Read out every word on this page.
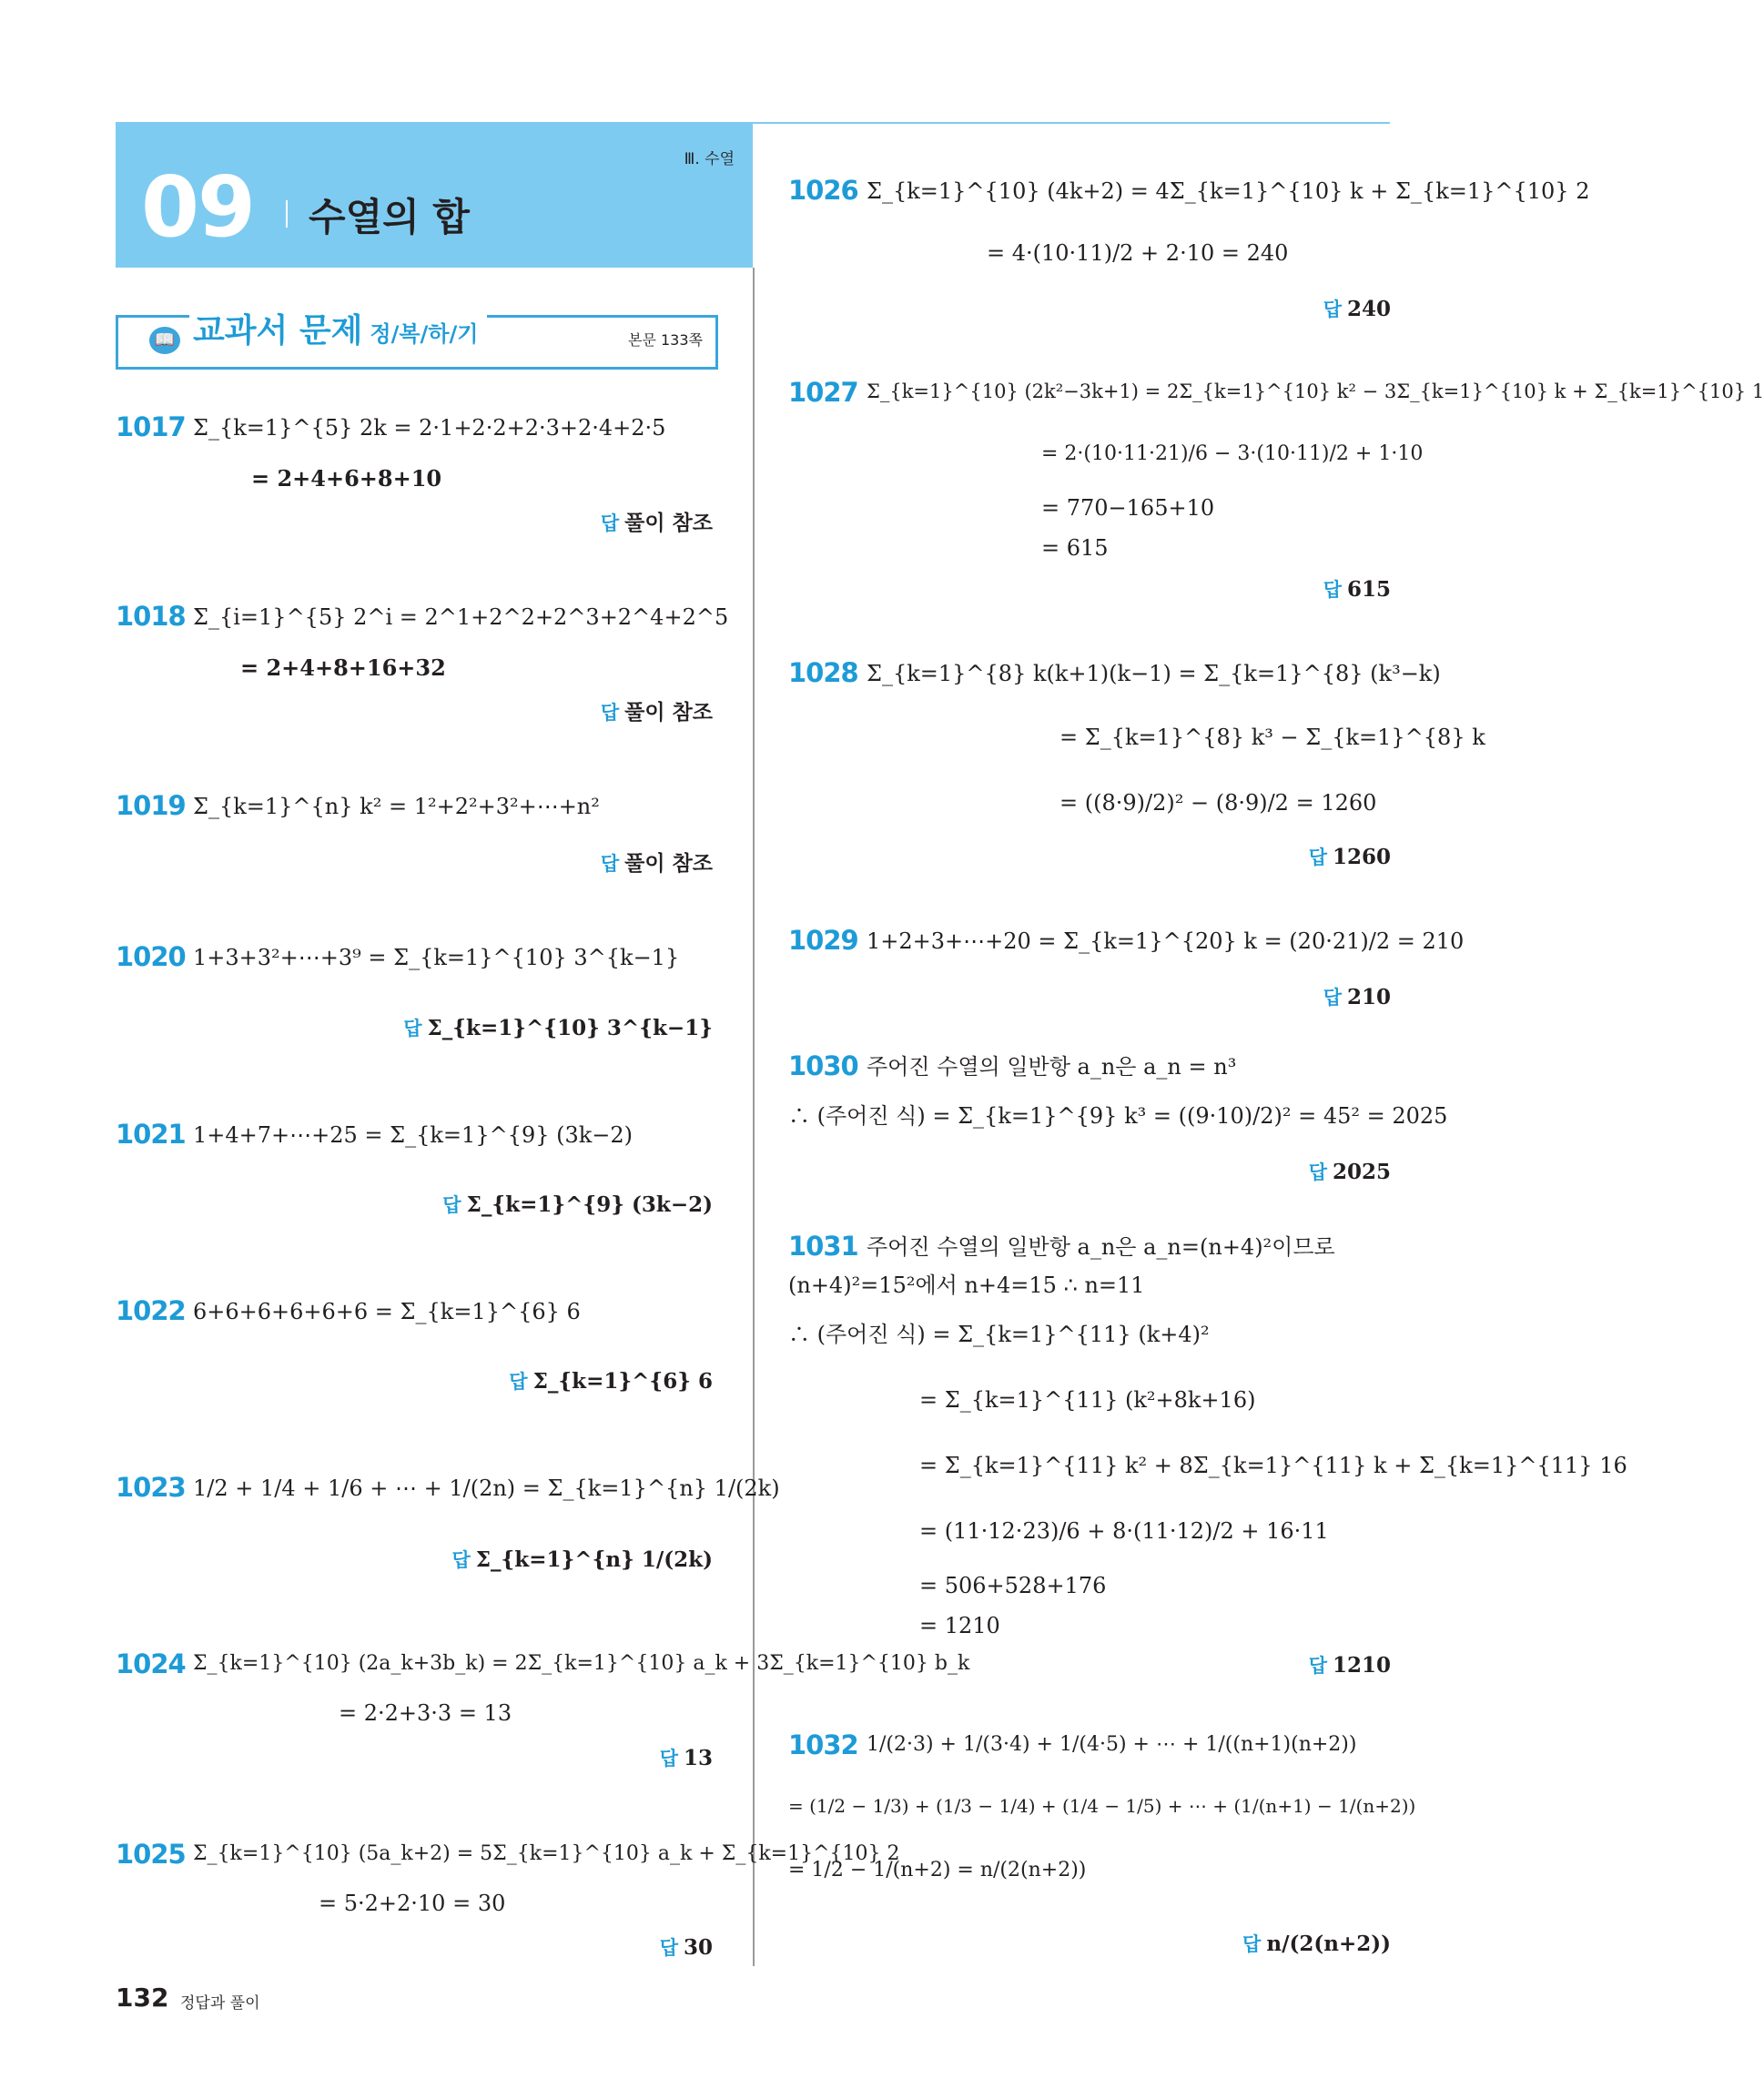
09 수열의 합
Ⅲ. 수열
📖 교과서 문제 정/복/하/기	본문 133쪽
1017 Σ_{k=1}^{5} 2k = 2·1+2·2+2·3+2·4+2·5
= 2+4+6+8+10
답 풀이 참조
1018 Σ_{i=1}^{5} 2^i = 2^1+2^2+2^3+2^4+2^5
= 2+4+8+16+32
답 풀이 참조
1019 Σ_{k=1}^{n} k² = 1²+2²+3²+⋯+n²
답 풀이 참조
1020 1+3+3²+⋯+3⁹ = Σ_{k=1}^{10} 3^{k−1}
답 Σ_{k=1}^{10} 3^{k−1}
1021 1+4+7+⋯+25 = Σ_{k=1}^{9} (3k−2)
답 Σ_{k=1}^{9} (3k−2)
1022 6+6+6+6+6+6 = Σ_{k=1}^{6} 6
답 Σ_{k=1}^{6} 6
1023 1/2 + 1/4 + 1/6 + ⋯ + 1/(2n) = Σ_{k=1}^{n} 1/(2k)
답 Σ_{k=1}^{n} 1/(2k)
1024 Σ_{k=1}^{10} (2a_k+3b_k) = 2Σ_{k=1}^{10} a_k + 3Σ_{k=1}^{10} b_k
= 2·2+3·3 = 13
답 13
1025 Σ_{k=1}^{10} (5a_k+2) = 5Σ_{k=1}^{10} a_k + Σ_{k=1}^{10} 2
= 5·2+2·10 = 30
답 30
1026 Σ_{k=1}^{10} (4k+2) = 4Σ_{k=1}^{10} k + Σ_{k=1}^{10} 2
= 4·(10·11)/2 + 2·10 = 240
답 240
1027 Σ_{k=1}^{10} (2k²−3k+1) = 2Σ_{k=1}^{10} k² − 3Σ_{k=1}^{10} k + Σ_{k=1}^{10} 1
= 2·(10·11·21)/6 − 3·(10·11)/2 + 1·10
= 770−165+10
= 615
답 615
1028 Σ_{k=1}^{8} k(k+1)(k−1) = Σ_{k=1}^{8} (k³−k)
= Σ_{k=1}^{8} k³ − Σ_{k=1}^{8} k
= ((8·9)/2)² − (8·9)/2 = 1260
답 1260
1029 1+2+3+⋯+20 = Σ_{k=1}^{20} k = (20·21)/2 = 210
답 210
1030 주어진 수열의 일반항 a_n은 a_n = n³
∴ (주어진 식) = Σ_{k=1}^{9} k³ = ((9·10)/2)² = 45² = 2025
답 2025
1031 주어진 수열의 일반항 a_n은 a_n=(n+4)²이므로
(n+4)²=15²에서 n+4=15 ∴ n=11
∴ (주어진 식) = Σ_{k=1}^{11} (k+4)²
= Σ_{k=1}^{11} (k²+8k+16)
= Σ_{k=1}^{11} k² + 8Σ_{k=1}^{11} k + Σ_{k=1}^{11} 16
= (11·12·23)/6 + 8·(11·12)/2 + 16·11
= 506+528+176
= 1210
답 1210
1032 1/(2·3) + 1/(3·4) + 1/(4·5) + ⋯ + 1/((n+1)(n+2))
= (1/2 − 1/3) + (1/3 − 1/4) + (1/4 − 1/5) + ⋯ + (1/(n+1) − 1/(n+2))
= 1/2 − 1/(n+2) = n/(2(n+2))
답 n/(2(n+2))
132 정답과 풀이
